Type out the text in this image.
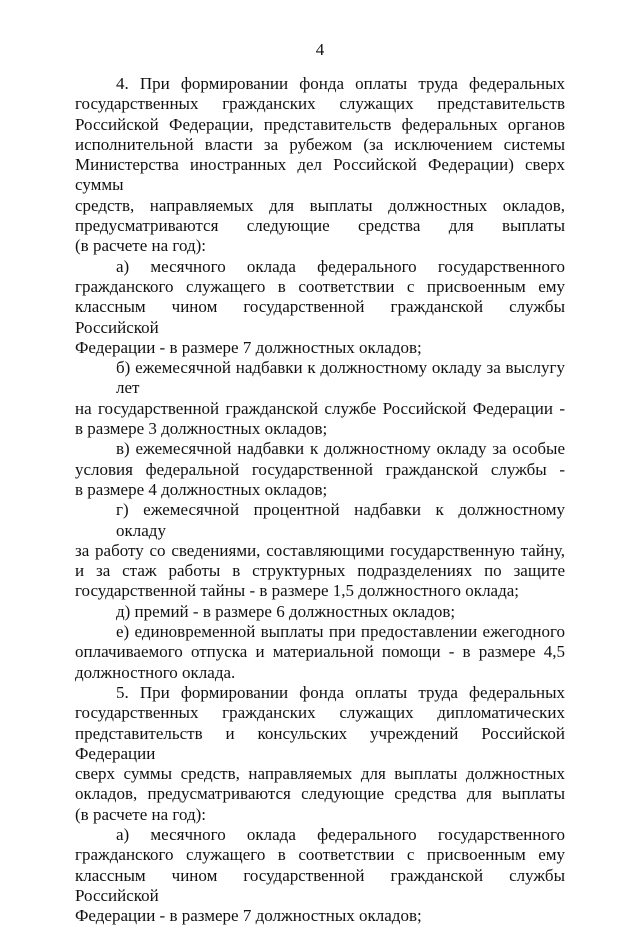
4
4. При формировании фонда оплаты труда федеральных
государственных гражданских служащих представительств
Российской Федерации, представительств федеральных органов
исполнительной власти за рубежом (за исключением системы
Министерства иностранных дел Российской Федерации) сверх суммы
средств, направляемых для выплаты должностных окладов,
предусматриваются следующие средства для выплаты
(в расчете на год):
а) месячного оклада федерального государственного
гражданского служащего в соответствии с присвоенным ему
классным чином государственной гражданской службы Российской
Федерации - в размере 7 должностных окладов;
б) ежемесячной надбавки к должностному окладу за выслугу лет
на государственной гражданской службе Российской Федерации -
в размере 3 должностных окладов;
в) ежемесячной надбавки к должностному окладу за особые
условия федеральной государственной гражданской службы -
в размере 4 должностных окладов;
г) ежемесячной процентной надбавки к должностному окладу
за работу со сведениями, составляющими государственную тайну,
и за стаж работы в структурных подразделениях по защите
государственной тайны - в размере 1,5 должностного оклада;
д) премий - в размере 6 должностных окладов;
е) единовременной выплаты при предоставлении ежегодного
оплачиваемого отпуска и материальной помощи - в размере 4,5
должностного оклада.
5. При формировании фонда оплаты труда федеральных
государственных гражданских служащих дипломатических
представительств и консульских учреждений Российской Федерации
сверх суммы средств, направляемых для выплаты должностных
окладов, предусматриваются следующие средства для выплаты
(в расчете на год):
а) месячного оклада федерального государственного
гражданского служащего в соответствии с присвоенным ему
классным чином государственной гражданской службы Российской
Федерации - в размере 7 должностных окладов;
